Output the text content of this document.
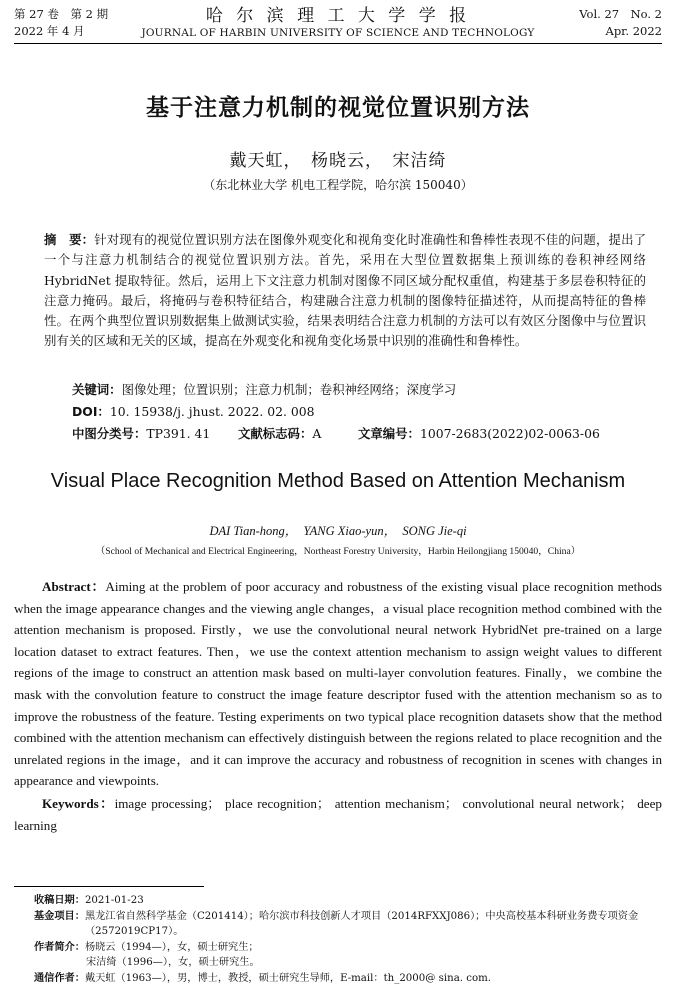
第 27 卷　第 2 期
2022 年 4 月
哈 尔 滨 理 工 大 学 学 报
JOURNAL OF HARBIN UNIVERSITY OF SCIENCE AND TECHNOLOGY
Vol. 27　No. 2
Apr. 2022
基于注意力机制的视觉位置识别方法
戴天虹，　杨晓云，　宋洁绮
（东北林业大学 机电工程学院，哈尔滨 150040）
摘　要：针对现有的视觉位置识别方法在图像外观变化和视角变化时准确性和鲁棒性表现不佳的问题，提出了一个与注意力机制结合的视觉位置识别方法。首先，采用在大型位置数据集上预训练的卷积神经网络 HybridNet 提取特征。然后，运用上下文注意力机制对图像不同区域分配权重值，构建基于多层卷积特征的注意力掩码。最后，将掩码与卷积特征结合，构建融合注意力机制的图像特征描述符，从而提高特征的鲁棒性。在两个典型位置识别数据集上做测试实验，结果表明结合注意力机制的方法可以有效区分图像中与位置识别有关的区域和无关的区域，提高在外观变化和视角变化场景中识别的准确性和鲁棒性。
关键词：图像处理；位置识别；注意力机制；卷积神经网络；深度学习
DOI：10. 15938/j. jhust. 2022. 02. 008
中图分类号：TP391. 41 文献标志码：A	文章编号：1007-2683(2022)02-0063-06
Visual Place Recognition Method Based on Attention Mechanism
DAI Tian-hong，　YANG Xiao-yun，　SONG Jie-qi
（School of Mechanical and Electrical Engineering，Northeast Forestry University，Harbin Heilongjiang 150040，China）
Abstract：Aiming at the problem of poor accuracy and robustness of the existing visual place recognition methods when the image appearance changes and the viewing angle changes，a visual place recognition method combined with the attention mechanism is proposed. Firstly，we use the convolutional neural network HybridNet pre-trained on a large location dataset to extract features. Then，we use the context attention mechanism to assign weight values to different regions of the image to construct an attention mask based on multi-layer convolution features. Finally，we combine the mask with the convolution feature to construct the image feature descriptor fused with the attention mechanism so as to improve the robustness of the feature. Testing experiments on two typical place recognition datasets show that the method combined with the attention mechanism can effectively distinguish between the regions related to place recognition and the unrelated regions in the image，and it can improve the accuracy and robustness of recognition in scenes with changes in appearance and viewpoints.
Keywords：image processing； place recognition； attention mechanism； convolutional neural network； deep learning
收稿日期： 2021-01-23
基金项目： 黑龙江省自然科学基金（C201414）；哈尔滨市科技创新人才项目（2014RFXXJ086）；中央高校基本科研业务费专项资金（2572019CP17）。
作者简介： 杨晓云（1994—），女，硕士研究生；
宋洁绮（1996—），女，硕士研究生。
通信作者： 戴天虹（1963—），男，博士，教授，硕士研究生导师，E-mail：th_2000@ sina. com.
